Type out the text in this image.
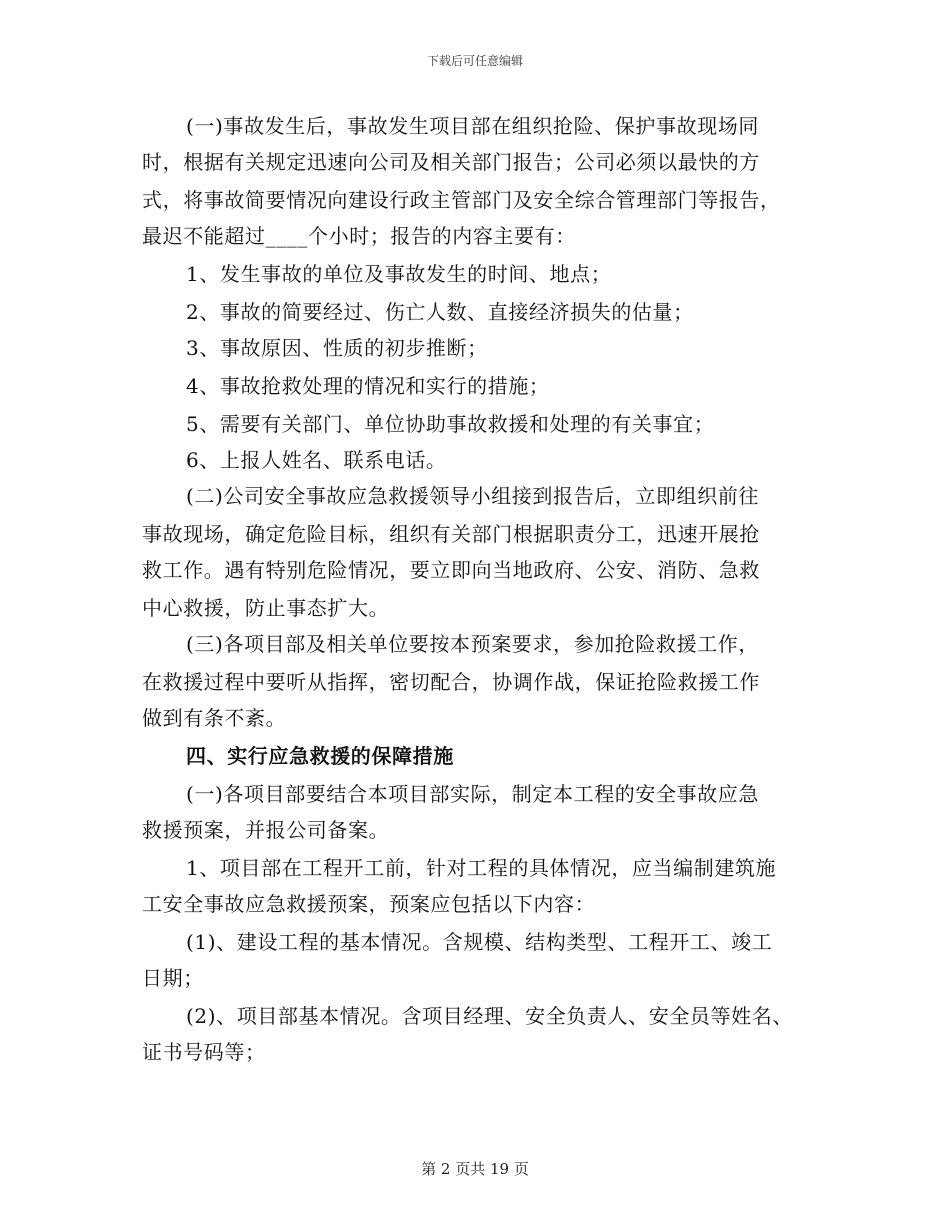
下载后可任意编辑
(一)事故发生后，事故发生项目部在组织抢险、保护事故现场同
时，根据有关规定迅速向公司及相关部门报告；公司必须以最快的方
式，将事故简要情况向建设行政主管部门及安全综合管理部门等报告，
最迟不能超过____个小时；报告的内容主要有：
1、发生事故的单位及事故发生的时间、地点；
2、事故的简要经过、伤亡人数、直接经济损失的估量；
3、事故原因、性质的初步推断；
4、事故抢救处理的情况和实行的措施；
5、需要有关部门、单位协助事故救援和处理的有关事宜；
6、上报人姓名、联系电话。
(二)公司安全事故应急救援领导小组接到报告后，立即组织前往
事故现场，确定危险目标，组织有关部门根据职责分工，迅速开展抢
救工作。遇有特别危险情况，要立即向当地政府、公安、消防、急救
中心救援，防止事态扩大。
(三)各项目部及相关单位要按本预案要求，参加抢险救援工作，
在救援过程中要听从指挥，密切配合，协调作战，保证抢险救援工作
做到有条不紊。
四、实行应急救援的保障措施
(一)各项目部要结合本项目部实际，制定本工程的安全事故应急
救援预案，并报公司备案。
1、项目部在工程开工前，针对工程的具体情况，应当编制建筑施
工安全事故应急救援预案，预案应包括以下内容：
(1)、建设工程的基本情况。含规模、结构类型、工程开工、竣工
日期；
(2)、项目部基本情况。含项目经理、安全负责人、安全员等姓名、
证书号码等；
第 2 页共 19 页
